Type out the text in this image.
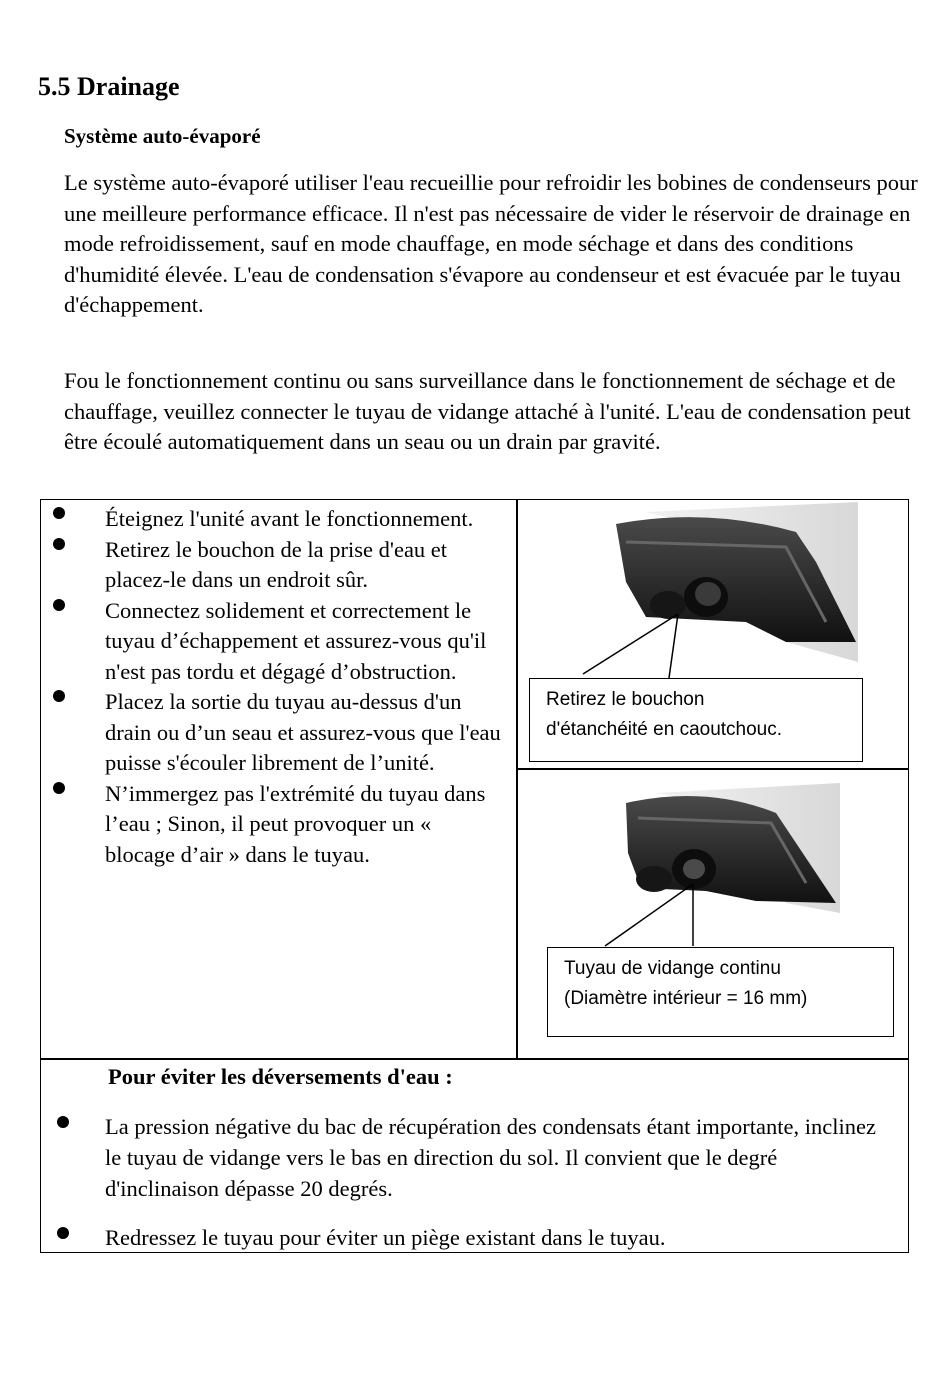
5.5 Drainage
Système auto-évaporé
Le système auto-évaporé utiliser l'eau recueillie pour refroidir les bobines de condenseurs pour une meilleure performance efficace. Il n'est pas nécessaire de vider le réservoir de drainage en mode refroidissement, sauf en mode chauffage, en mode séchage et dans des conditions d'humidité élevée. L'eau de condensation s'évapore au condenseur et est évacuée par le tuyau d'échappement.
Fou le fonctionnement continu ou sans surveillance dans le fonctionnement de séchage et de chauffage, veuillez connecter le tuyau de vidange attaché à l'unité. L'eau de condensation peut être écoulé automatiquement dans un seau ou un drain par gravité.
Éteignez l'unité avant le fonctionnement.
Retirez le bouchon de la prise d'eau et placez-le dans un endroit sûr.
Connectez solidement et correctement le tuyau d’échappement et assurez-vous qu'il n'est pas tordu et dégagé d’obstruction.
Placez la sortie du tuyau au-dessus d'un drain ou d’un seau et assurez-vous que l'eau puisse s'écouler librement de l’unité.
N’immergez pas l'extrémité du tuyau dans l’eau ; Sinon, il peut provoquer un « blocage d’air » dans le tuyau.
Retirez le bouchon
d'étanchéité en caoutchouc.
Tuyau de vidange continu
(Diamètre intérieur = 16 mm)
Pour éviter les déversements d'eau :
La pression négative du bac de récupération des condensats étant importante, inclinez le tuyau de vidange vers le bas en direction du sol. Il convient que le degré d'inclinaison dépasse 20 degrés.
Redressez le tuyau pour éviter un piège existant dans le tuyau.
